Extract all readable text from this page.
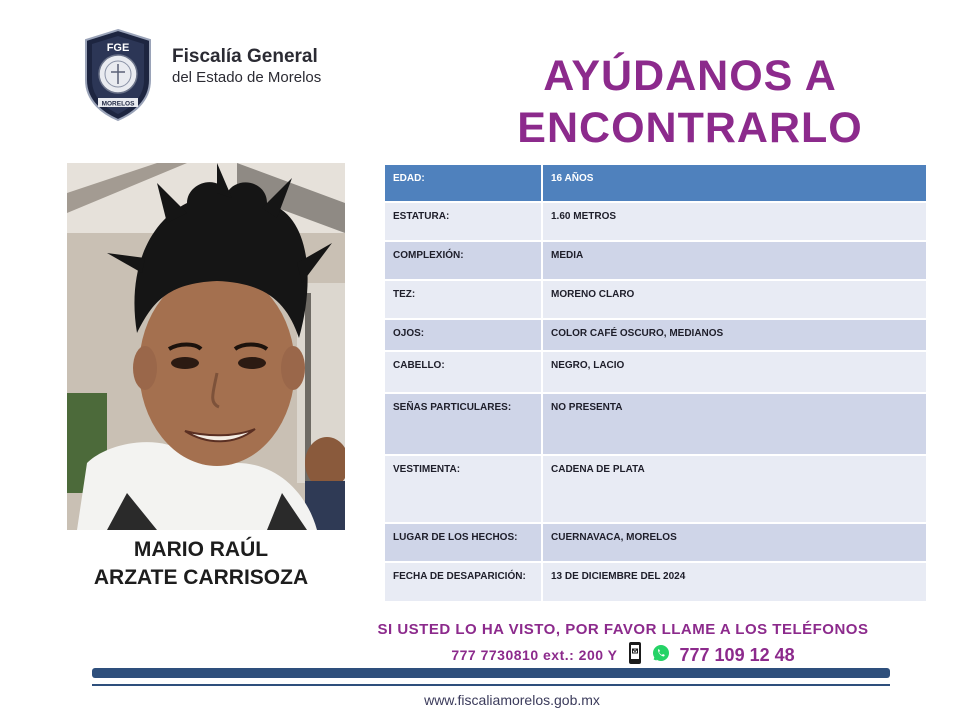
FGE
MORELOS
Fiscalía General
del Estado de Morelos	AYÚDANOS A
ENCONTRARLO
MARIO RAÚL
ARZATE CARRISOZA
EDAD:	16 AÑOS
ESTATURA:	1.60 METROS
COMPLEXIÓN:	MEDIA
TEZ:	MORENO CLARO
OJOS:	COLOR CAFÉ OSCURO, MEDIANOS
CABELLO:	NEGRO, LACIO
SEÑAS PARTICULARES:	NO PRESENTA
VESTIMENTA:	CADENA DE PLATA
LUGAR DE LOS HECHOS:	CUERNAVACA, MORELOS
FECHA DE DESAPARICIÓN:	13 DE DICIEMBRE DEL 2024
SI USTED LO HA VISTO, POR FAVOR LLAME A LOS TELÉFONOS
777 7730810 ext.: 200 Y	777 109 12 48
www.fiscaliamorelos.gob.mx
